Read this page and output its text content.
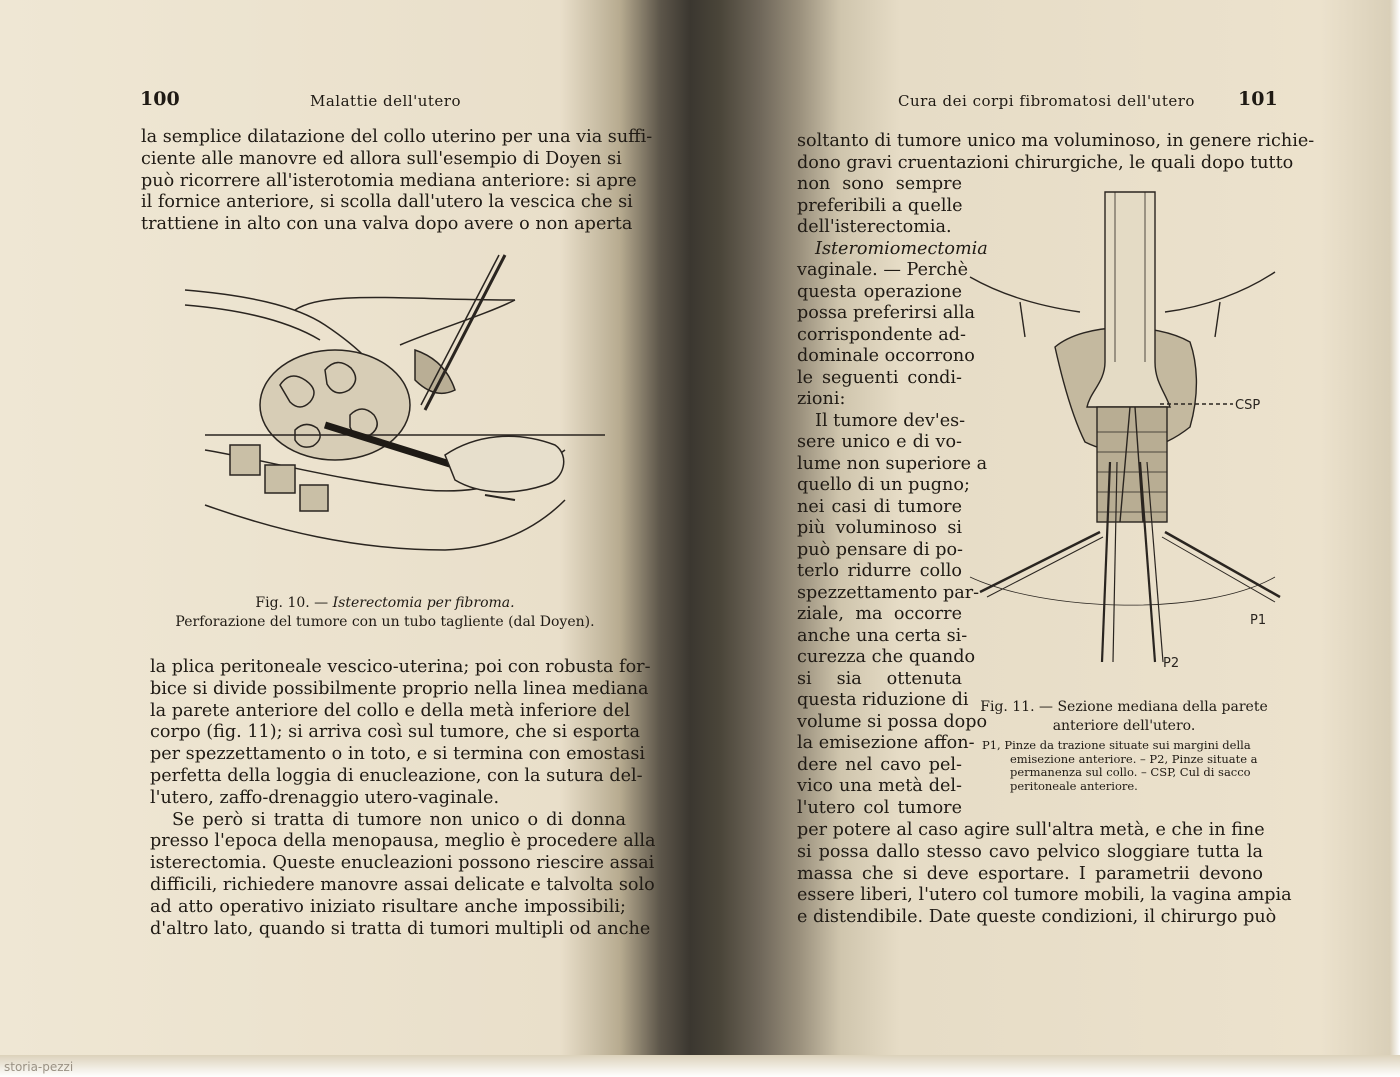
100	Malattie dell'utero
la semplice dilatazione del collo uterino per una via suffi-
ciente alle manovre ed allora sull'esempio di Doyen si
può ricorrere all'isterotomia mediana anteriore: si apre
il fornice anteriore, si scolla dall'utero la vescica che si
trattiene in alto con una valva dopo avere o non aperta
Fig. 10. — Isterectomia per fibroma.
Perforazione del tumore con un tubo tagliente (dal Doyen).
la plica peritoneale vescico-uterina; poi con robusta for-
bice si divide possibilmente proprio nella linea mediana
la parete anteriore del collo e della metà inferiore del
corpo (fig. 11); si arriva così sul tumore, che si esporta
per spezzettamento o in toto, e si termina con emostasi
perfetta della loggia di enucleazione, con la sutura del-
l'utero, zaffo-drenaggio utero-vaginale.
Se però si tratta di tumore non unico o di donna
presso l'epoca della menopausa, meglio è procedere alla
isterectomia. Queste enucleazioni possono riescire assai
difficili, richiedere manovre assai delicate e talvolta solo
ad atto operativo iniziato risultare anche impossibili;
d'altro lato, quando si tratta di tumori multipli od anche
Cura dei corpi fibromatosi dell'utero 101
soltanto di tumore unico ma voluminoso, in genere richie-
dono gravi cruentazioni chirurgiche, le quali dopo tutto
non sono sempre
preferibili a quelle
dell'isterectomia.
Isteromiomectomia
vaginale. — Perchè
questa operazione
possa preferirsi alla
corrispondente ad-
dominale occorrono
le seguenti condi-
zioni:
Il tumore dev'es-
sere unico e di vo-
lume non superiore a
quello di un pugno;
nei casi di tumore
più voluminoso si
può pensare di po-
terlo ridurre collo
spezzettamento par-
ziale, ma occorre
anche una certa si-
curezza che quando
si sia ottenuta
questa riduzione di
volume si possa dopo
la emisezione affon-
dere nel cavo pel-
vico una metà del-
l'utero col tumore
CSP
P1
P2
Fig. 11. — Sezione mediana della parete
anteriore dell'utero.
P1, Pinze da trazione situate sui margini della
emisezione anteriore. – P2, Pinze situate a
permanenza sul collo. – CSP, Cul di sacco
peritoneale anteriore.
per potere al caso agire sull'altra metà, e che in fine
si possa dallo stesso cavo pelvico sloggiare tutta la
massa che si deve esportare. I parametrii devono
essere liberi, l'utero col tumore mobili, la vagina ampia
e distendibile. Date queste condizioni, il chirurgo può
storia-pezzi
